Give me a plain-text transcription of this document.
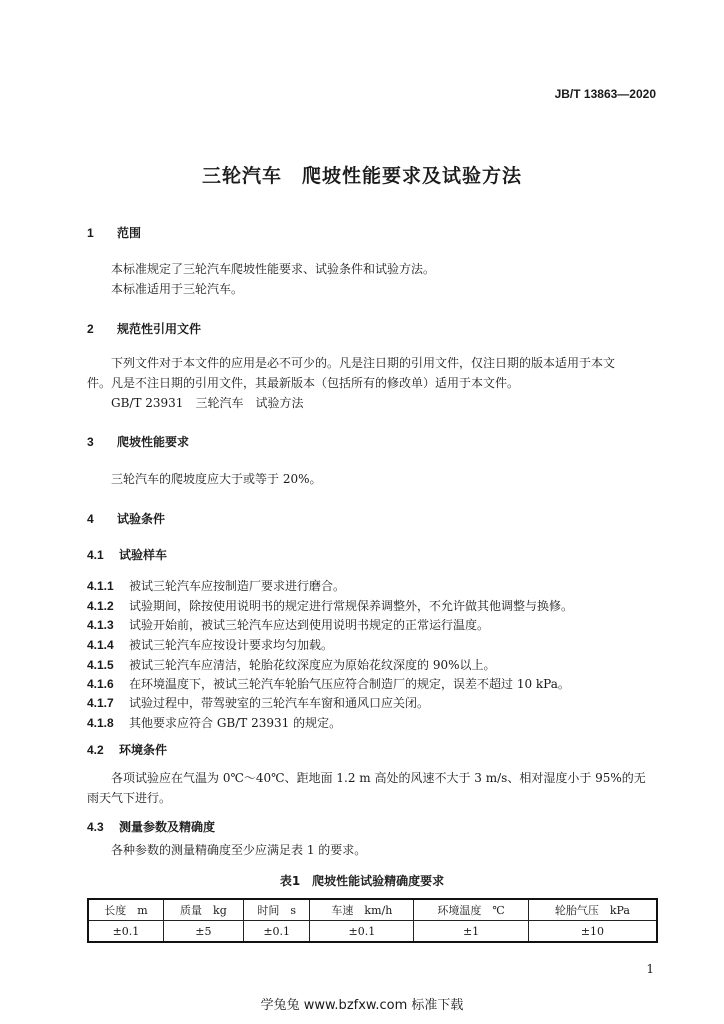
JB/T 13863—2020
三轮汽车 爬坡性能要求及试验方法
1 范围
本标准规定了三轮汽车爬坡性能要求、试验条件和试验方法。
本标准适用于三轮汽车。
2 规范性引用文件
下列文件对于本文件的应用是必不可少的。凡是注日期的引用文件，仅注日期的版本适用于本文
件。凡是不注日期的引用文件，其最新版本（包括所有的修改单）适用于本文件。
GB/T 23931　三轮汽车　试验方法
3 爬坡性能要求
三轮汽车的爬坡度应大于或等于 20%。
4 试验条件
4.1 试验样车
4.1.1 被试三轮汽车应按制造厂要求进行磨合。
4.1.2 试验期间，除按使用说明书的规定进行常规保养调整外，不允许做其他调整与换修。
4.1.3 试验开始前，被试三轮汽车应达到使用说明书规定的正常运行温度。
4.1.4 被试三轮汽车应按设计要求均匀加载。
4.1.5 被试三轮汽车应清洁，轮胎花纹深度应为原始花纹深度的 90%以上。
4.1.6 在环境温度下，被试三轮汽车轮胎气压应符合制造厂的规定，误差不超过 10 kPa。
4.1.7 试验过程中，带驾驶室的三轮汽车车窗和通风口应关闭。
4.1.8 其他要求应符合 GB/T 23931 的规定。
4.2 环境条件
各项试验应在气温为 0℃～40℃、距地面 1.2 m 高处的风速不大于 3 m/s、相对湿度小于 95%的无
雨天气下进行。
4.3 测量参数及精确度
各种参数的测量精确度至少应满足表 1 的要求。
表1　爬坡性能试验精确度要求
长度　m	质量　kg	时间　s	车速　km/h	环境温度　℃	轮胎气压　kPa
±0.1	±5	±0.1	±0.1	±1	±10
1
学兔兔 www.bzfxw.com 标准下载
